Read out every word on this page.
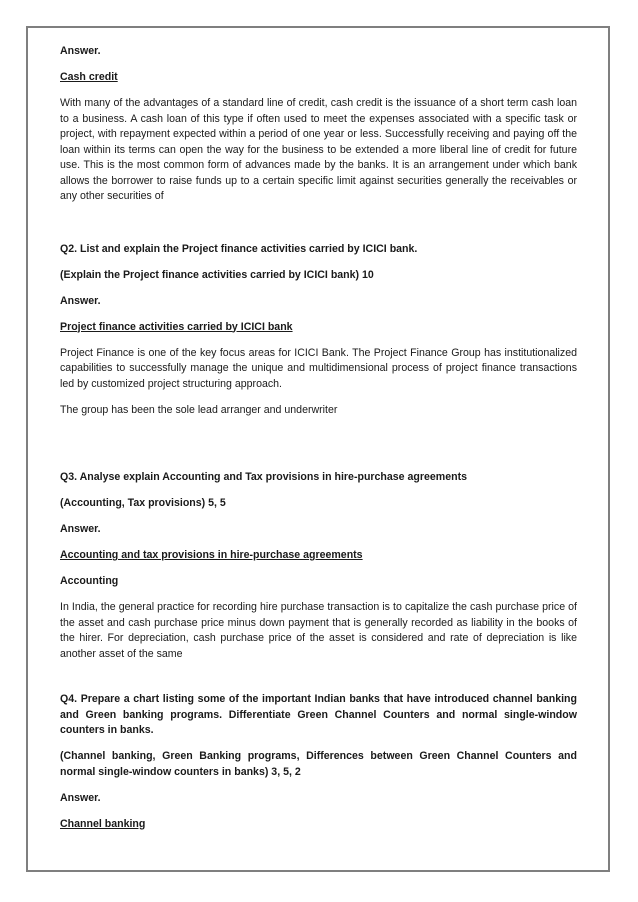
Answer.

Cash credit

With many of the advantages of a standard line of credit, cash credit is the issuance of a short term cash loan to a business. A cash loan of this type if often used to meet the expenses associated with a specific task or project, with repayment expected within a period of one year or less. Successfully receiving and paying off the loan within its terms can open the way for the business to be extended a more liberal line of credit for future use. This is the most common form of advances made by the banks. It is an arrangement under which bank allows the borrower to raise funds up to a certain specific limit against securities generally the receivables or any other securities of

Q2. List and explain the Project finance activities carried by ICICI bank.

(Explain the Project finance activities carried by ICICI bank) 10

Answer.

Project finance activities carried by ICICI bank

Project Finance is one of the key focus areas for ICICI Bank. The Project Finance Group has institutionalized capabilities to successfully manage the unique and multidimensional process of project finance transactions led by customized project structuring approach.

The group has been the sole lead arranger and underwriter

Q3. Analyse explain Accounting and Tax provisions in hire-purchase agreements

(Accounting, Tax provisions) 5, 5

Answer.

Accounting and tax provisions in hire-purchase agreements

Accounting

In India, the general practice for recording hire purchase transaction is to capitalize the cash purchase price of the asset and cash purchase price minus down payment that is generally recorded as liability in the books of the hirer. For depreciation, cash purchase price of the asset is considered and rate of depreciation is like another asset of the same

Q4. Prepare a chart listing some of the important Indian banks that have introduced channel banking and Green banking programs. Differentiate Green Channel Counters and normal single-window counters in banks.

(Channel banking, Green Banking programs, Differences between Green Channel Counters and normal single-window counters in banks) 3, 5, 2

Answer.

Channel banking
